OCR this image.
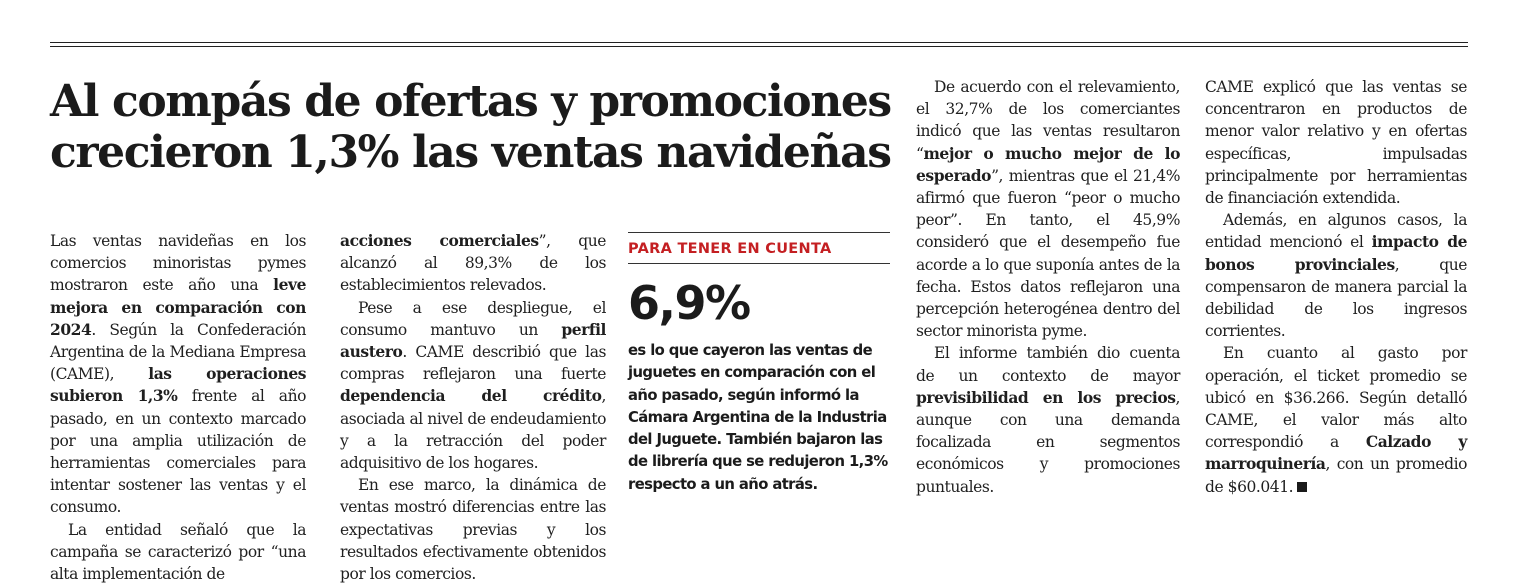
Al compás de ofertas y promociones
crecieron 1,3% las ventas navideñas

Las ventas navideñas en los comercios minoristas pymes mostraron este año una leve mejora en comparación con 2024. Según la Confederación Argentina de la Mediana Empresa (CAME), las operaciones subieron 1,3% frente al año pasado, en un contexto marcado por una amplia utilización de herramientas comerciales para intentar sostener las ventas y el consumo.

La entidad señaló que la campaña se caracterizó por “una alta implementación de

acciones comerciales”, que alcanzó al 89,3% de los establecimientos relevados.

Pese a ese despliegue, el consumo mantuvo un perfil austero. CAME describió que las compras reflejaron una fuerte dependencia del crédito, asociada al nivel de endeudamiento y a la retracción del poder adquisitivo de los hogares.

En ese marco, la dinámica de ventas mostró diferencias entre las expectativas previas y los resultados efectivamente obtenidos por los comercios.

PARA TENER EN CUENTA
6,9%
es lo que cayeron las ventas de juguetes en comparación con el año pasado, según informó la Cámara Argentina de la Industria del Juguete. También bajaron las de librería que se redujeron 1,3% respecto a un año atrás.

De acuerdo con el relevamiento, el 32,7% de los comerciantes indicó que las ventas resultaron “mejor o mucho mejor de lo esperado”, mientras que el 21,4% afirmó que fueron “peor o mucho peor”. En tanto, el 45,9% consideró que el desempeño fue acorde a lo que suponía antes de la fecha. Estos datos reflejaron una percepción heterogénea dentro del sector minorista pyme.

El informe también dio cuenta de un contexto de mayor previsibilidad en los precios, aunque con una demanda focalizada en segmentos económicos y promociones puntuales.

CAME explicó que las ventas se concentraron en productos de menor valor relativo y en ofertas específicas, impulsadas principalmente por herramientas de financiación extendida.

Además, en algunos casos, la entidad mencionó el impacto de bonos provinciales, que compensaron de manera parcial la debilidad de los ingresos corrientes.

En cuanto al gasto por operación, el ticket promedio se ubicó en $36.266. Según detalló CAME, el valor más alto correspondió a Calzado y marroquinería, con un promedio de $60.041.
